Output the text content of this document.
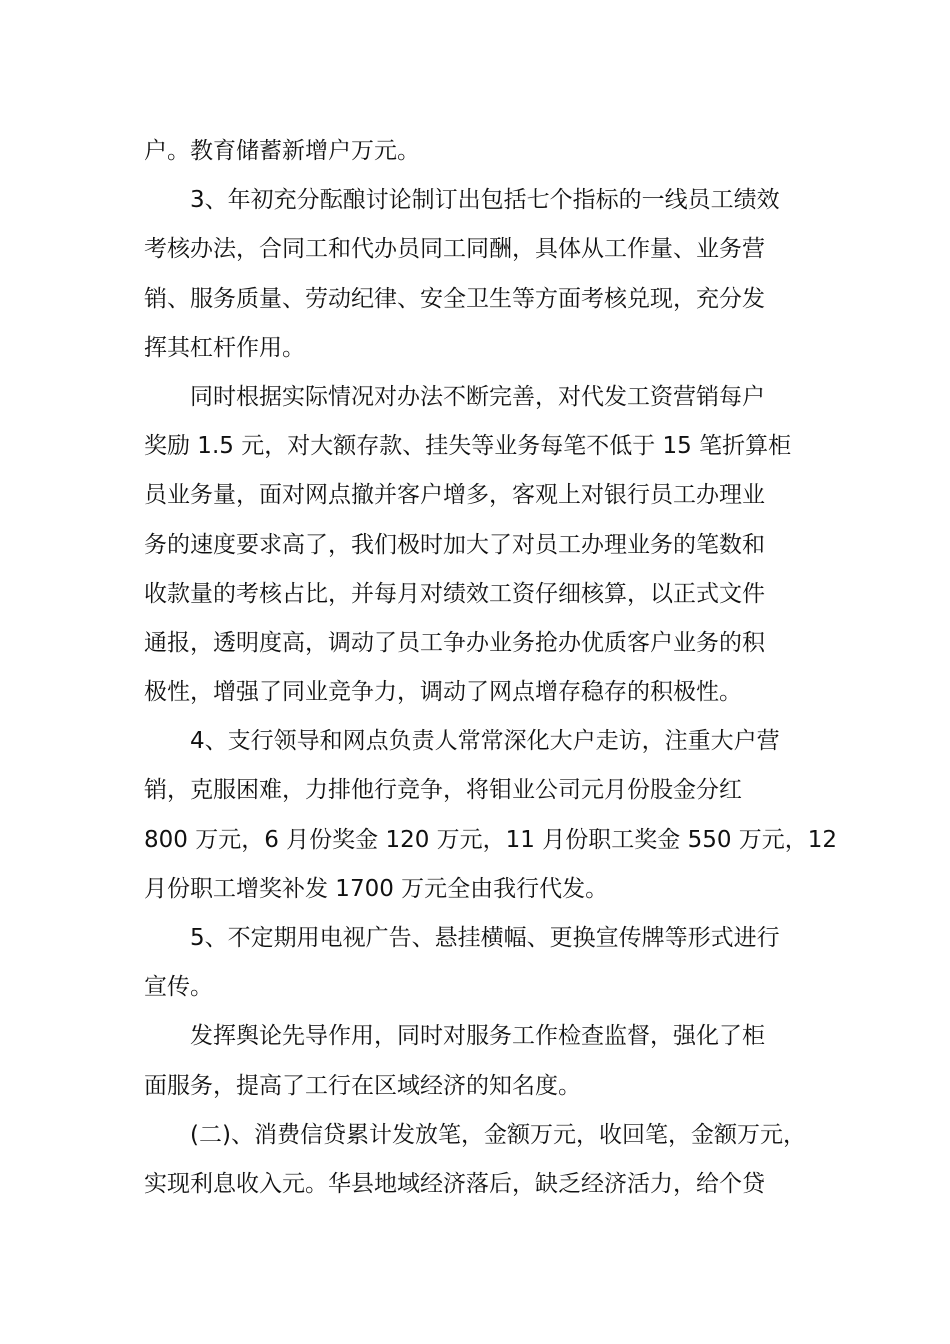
户。教育储蓄新增户万元。

3、年初充分酝酿讨论制订出包括七个指标的一线员工绩效
考核办法，合同工和代办员同工同酬，具体从工作量、业务营
销、服务质量、劳动纪律、安全卫生等方面考核兑现，充分发
挥其杠杆作用。

同时根据实际情况对办法不断完善，对代发工资营销每户
奖励 1.5 元，对大额存款、挂失等业务每笔不低于 15 笔折算柜
员业务量，面对网点撤并客户增多，客观上对银行员工办理业
务的速度要求高了，我们极时加大了对员工办理业务的笔数和
收款量的考核占比，并每月对绩效工资仔细核算，以正式文件
通报，透明度高，调动了员工争办业务抢办优质客户业务的积
极性，增强了同业竞争力，调动了网点增存稳存的积极性。

4、支行领导和网点负责人常常深化大户走访，注重大户营
销，克服困难，力排他行竞争，将钼业公司元月份股金分红
800 万元，6 月份奖金 120 万元，11 月份职工奖金 550 万元，12
月份职工增奖补发 1700 万元全由我行代发。

5、不定期用电视广告、悬挂横幅、更换宣传牌等形式进行
宣传。

发挥舆论先导作用，同时对服务工作检查监督，强化了柜
面服务，提高了工行在区域经济的知名度。

(二)、消费信贷累计发放笔，金额万元，收回笔，金额万元，
实现利息收入元。华县地域经济落后，缺乏经济活力，给个贷
